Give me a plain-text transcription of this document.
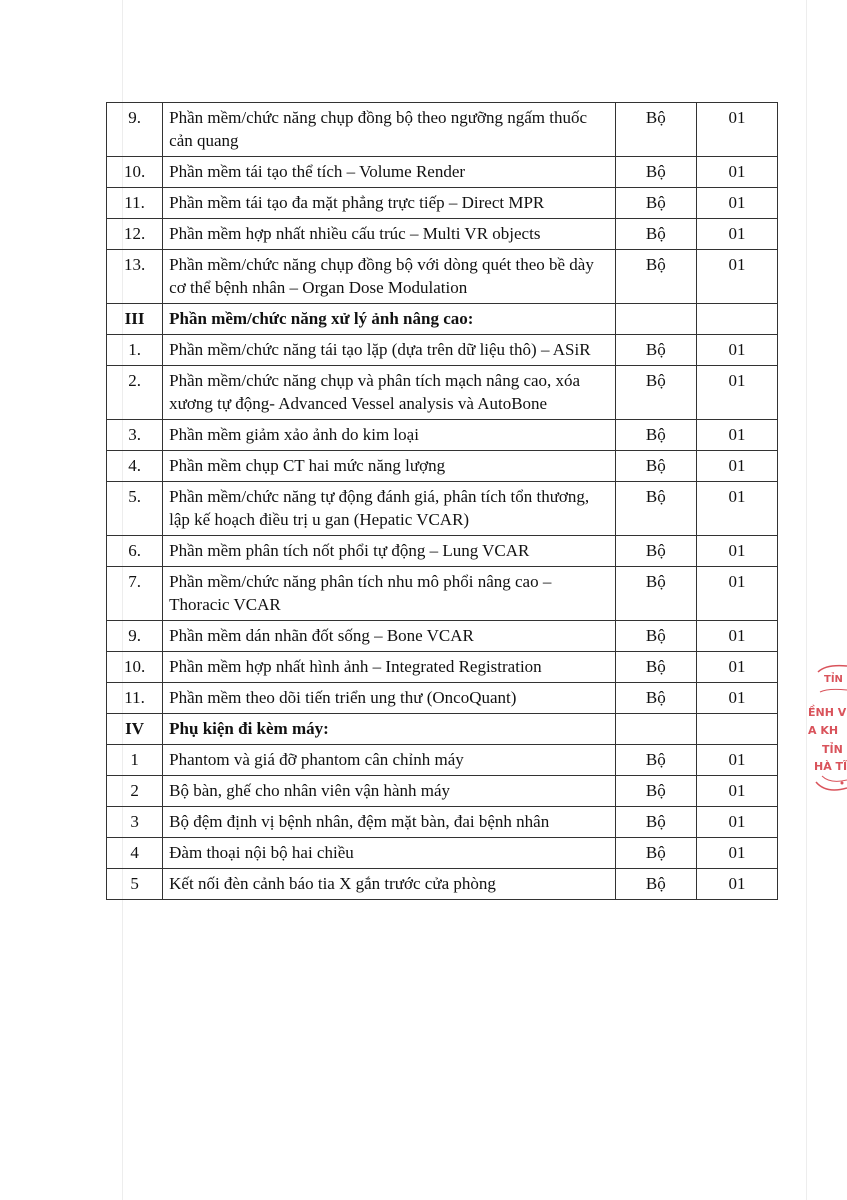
9.	Phần mềm/chức năng chụp đồng bộ theo ngưỡng ngấm thuốc cản quang	Bộ	01
10.	Phần mềm tái tạo thể tích – Volume Render	Bộ	01
11.	Phần mềm tái tạo đa mặt phẳng trực tiếp – Direct MPR	Bộ	01
12.	Phần mềm hợp nhất nhiều cấu trúc – Multi VR objects	Bộ	01
13.	Phần mềm/chức năng chụp đồng bộ với dòng quét theo bề dày cơ thể bệnh nhân – Organ Dose Modulation	Bộ	01
III	Phần mềm/chức năng xử lý ảnh nâng cao:		
1.	Phần mềm/chức năng tái tạo lặp (dựa trên dữ liệu thô) – ASiR	Bộ	01
2.	Phần mềm/chức năng chụp và phân tích mạch nâng cao, xóa xương tự động- Advanced Vessel analysis và AutoBone	Bộ	01
3.	Phần mềm giảm xảo ảnh do kim loại	Bộ	01
4.	Phần mềm chụp CT hai mức năng lượng	Bộ	01
5.	Phần mềm/chức năng tự động đánh giá, phân tích tổn thương, lập kế hoạch điều trị u gan (Hepatic VCAR)	Bộ	01
6.	Phần mềm phân tích nốt phổi tự động – Lung VCAR	Bộ	01
7.	Phần mềm/chức năng phân tích nhu mô phổi nâng cao – Thoracic VCAR	Bộ	01
9.	Phần mềm dán nhãn đốt sống – Bone VCAR	Bộ	01
10.	Phần mềm hợp nhất hình ảnh – Integrated Registration	Bộ	01
11.	Phần mềm theo dõi tiến triển ung thư (OncoQuant)	Bộ	01
IV	Phụ kiện đi kèm máy:		
1	Phantom và giá đỡ phantom cân chỉnh máy	Bộ	01
2	Bộ bàn, ghế cho nhân viên vận hành máy	Bộ	01
3	Bộ đệm định vị bệnh nhân, đệm mặt bàn, đai bệnh nhân	Bộ	01
4	Đàm thoại nội bộ hai chiều	Bộ	01
5	Kết nối đèn cảnh báo tia X gắn trước cửa phòng	Bộ	01
TỈN
ỀNH V
A KH
TỈN
HÀ TĨ
